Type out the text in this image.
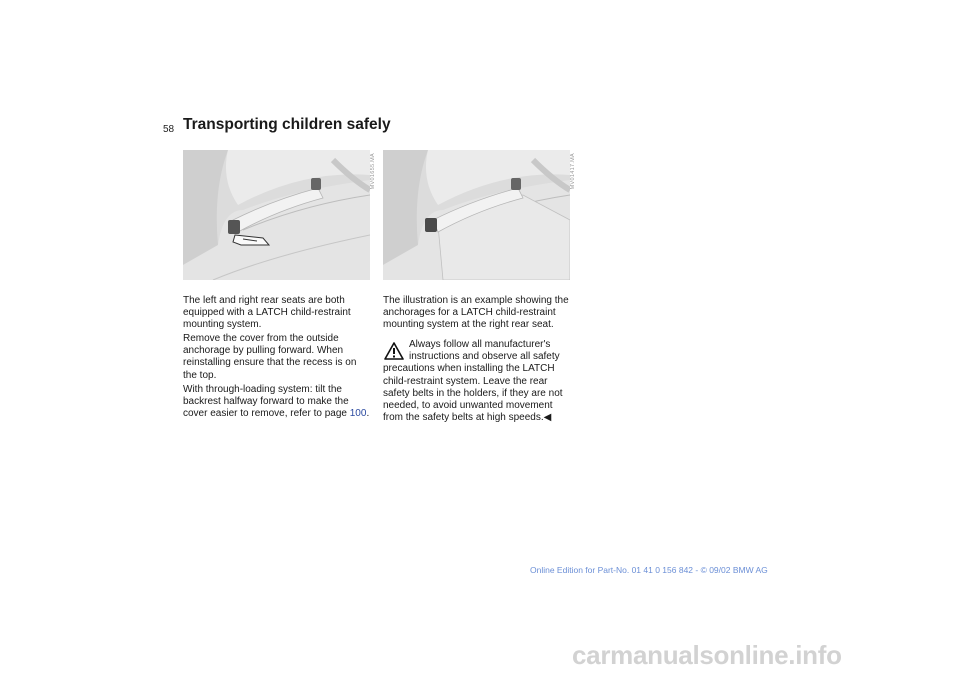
58 Transporting children safely
MV01655.MA	MV01417.MA

The left and right rear seats are both equipped with a LATCH child-restraint mounting system.

Remove the cover from the outside anchorage by pulling forward. When reinstalling ensure that the recess is on the top.

With through-loading system: tilt the backrest halfway forward to make the cover easier to remove, refer to page 100.

The illustration is an example showing the anchorages for a LATCH child-restraint mounting system at the right rear seat.

Always follow all manufacturer's
instructions and observe all safety
precautions when installing the LATCH child-restraint system. Leave the rear safety belts in the holders, if they are not needed, to avoid unwanted movement from the safety belts at high speeds.◀
Online Edition for Part-No. 01 41 0 156 842 - © 09/02 BMW AG
carmanualsonline.info
